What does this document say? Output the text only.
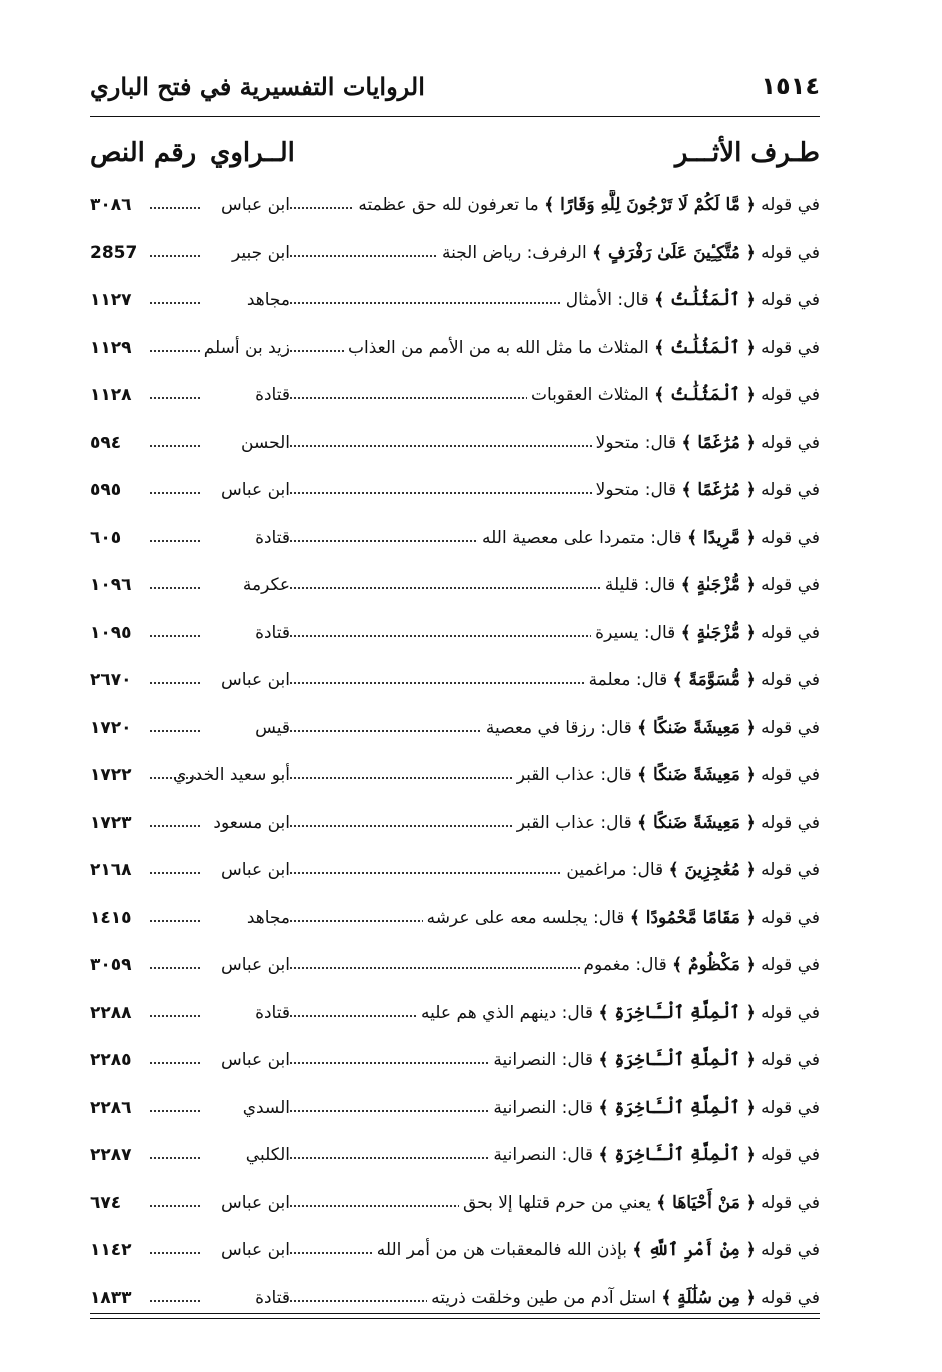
١٥١٤
الروايات التفسيرية في فتح الباري
طـرف الأثـــر
الــراوي
رقم النص
في قوله ﴿ مَّا لَكُمْ لَا تَرْجُونَ لِلَّهِ وَقَارًا ﴾ ما تعرفون لله حق عظمته
ابن عباس
٣٠٨٦
في قوله ﴿ مُتَّكِـِٔينَ عَلَىٰ رَفْرَفٍ ﴾ الرفرف: رياض الجنة
ابن جبير
2857
في قوله ﴿ ٱلْمَثُلَٰتُ ﴾ قال: الأمثال
مجاهد
١١٢٧
في قوله ﴿ ٱلْمَثُلَٰتُ ﴾ المثلاث ما مثل الله به من الأمم من العذاب
زيد بن أسلم
١١٢٩
في قوله ﴿ ٱلْمَثُلَٰتُ ﴾ المثلاث العقوبات
قتادة
١١٢٨
في قوله ﴿ مُرَٰغَمًا ﴾ قال: متحولا
الحسن
٥٩٤
في قوله ﴿ مُرَٰغَمًا ﴾ قال: متحولا
ابن عباس
٥٩٥
في قوله ﴿ مَّرِيدًا ﴾ قال: متمردا على معصية الله
قتادة
٦٠٥
في قوله ﴿ مُّزْجَىٰةٍ ﴾ قال: قليلة
عكرمة
١٠٩٦
في قوله ﴿ مُّزْجَىٰةٍ ﴾ قال: يسيرة
قتادة
١٠٩٥
في قوله ﴿ مُّسَوَّمَةً ﴾ قال: معلمة
ابن عباس
٢٦٧٠
في قوله ﴿ مَعِيشَةً ضَنكًا ﴾ قال: رزقا في معصية
قيس
١٧٢٠
في قوله ﴿ مَعِيشَةً ضَنكًا ﴾ قال: عذاب القبر
أبو سعيد الخدري
١٧٢٢
في قوله ﴿ مَعِيشَةً ضَنكًا ﴾ قال: عذاب القبر
ابن مسعود
١٧٢٣
في قوله ﴿ مُعَٰجِزِينَ ﴾ قال: مراغمين
ابن عباس
٢١٦٨
في قوله ﴿ مَقَامًا مَّحْمُودًا ﴾ قال: يجلسه معه على عرشه
مجاهد
١٤١٥
في قوله ﴿ مَكْظُومٌ ﴾ قال: مغموم
ابن عباس
٣٠٥٩
في قوله ﴿ ٱلْمِلَّةِ ٱلْـَٔاخِرَةِ ﴾ قال: دينهم الذي هم عليه
قتادة
٢٢٨٨
في قوله ﴿ ٱلْمِلَّةِ ٱلْـَٔاخِرَةِ ﴾ قال: النصرانية
ابن عباس
٢٢٨٥
في قوله ﴿ ٱلْمِلَّةِ ٱلْـَٔاخِرَةِ ﴾ قال: النصرانية
السدي
٢٢٨٦
في قوله ﴿ ٱلْمِلَّةِ ٱلْـَٔاخِرَةِ ﴾ قال: النصرانية
الكلبي
٢٢٨٧
في قوله ﴿ مَنْ أَحْيَاهَا ﴾ يعني من حرم قتلها إلا بحق
ابن عباس
٦٧٤
في قوله ﴿ مِنْ أَمْرِ ٱللَّهِ ﴾ بإذن الله فالمعقبات هن من أمر الله
ابن عباس
١١٤٢
في قوله ﴿ مِن سُلَٰلَةٍ ﴾ استل آدم من طين وخلقت ذريته
قتادة
١٨٣٣
